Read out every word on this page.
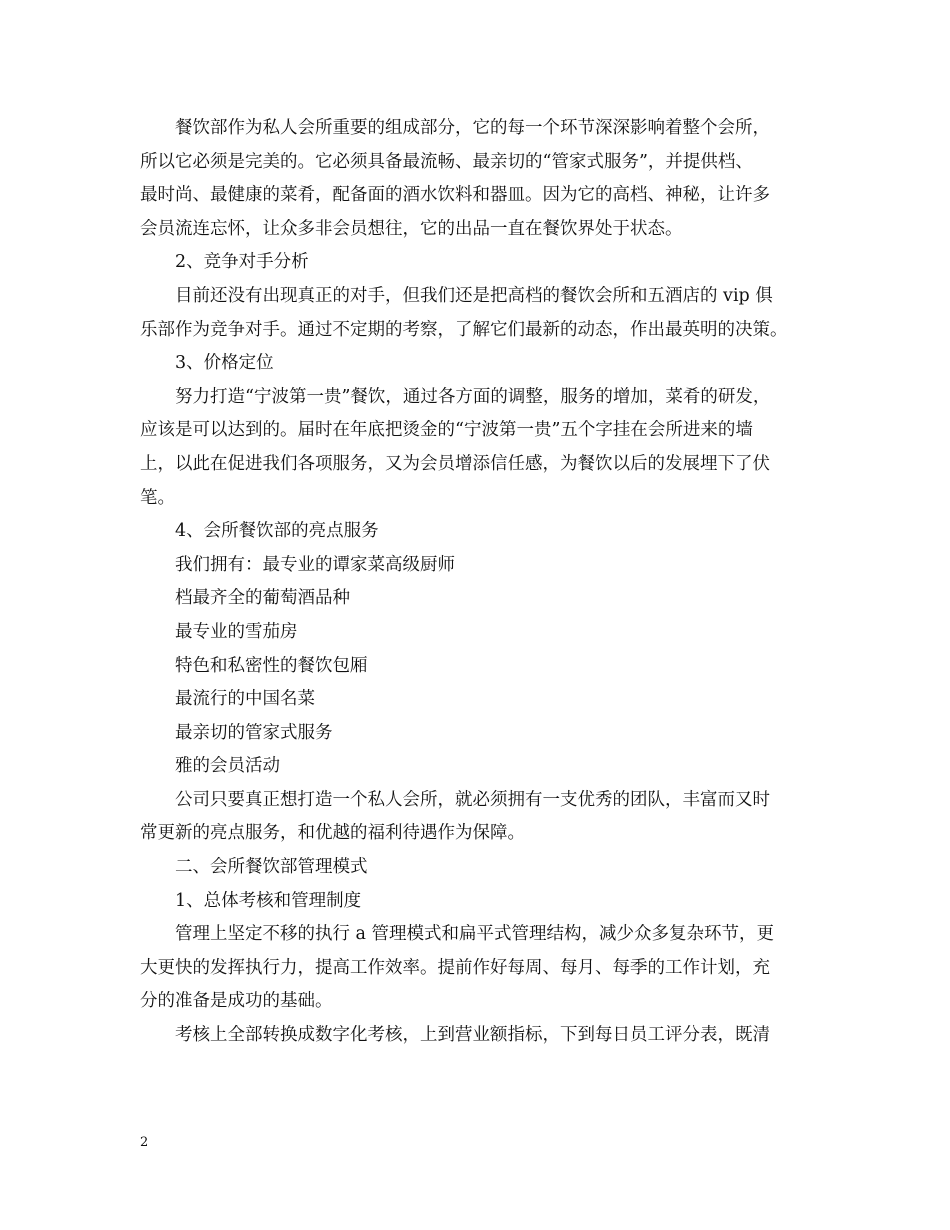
餐饮部作为私人会所重要的组成部分，它的每一个环节深深影响着整个会所，
所以它必须是完美的。它必须具备最流畅、最亲切的“管家式服务”，并提供档、
最时尚、最健康的菜肴，配备面的酒水饮料和器皿。因为它的高档、神秘，让许多
会员流连忘怀，让众多非会员想往，它的出品一直在餐饮界处于状态。
2、竞争对手分析
目前还没有出现真正的对手，但我们还是把高档的餐饮会所和五酒店的 vip 俱
乐部作为竞争对手。通过不定期的考察，了解它们最新的动态，作出最英明的决策。
3、价格定位
努力打造“宁波第一贵”餐饮，通过各方面的调整，服务的增加，菜肴的研发，
应该是可以达到的。届时在年底把烫金的“宁波第一贵”五个字挂在会所进来的墙
上，以此在促进我们各项服务，又为会员增添信任感，为餐饮以后的发展埋下了伏
笔。
4、会所餐饮部的亮点服务
我们拥有：最专业的谭家菜高级厨师
档最齐全的葡萄酒品种
最专业的雪茄房
特色和私密性的餐饮包厢
最流行的中国名菜
最亲切的管家式服务
雅的会员活动
公司只要真正想打造一个私人会所，就必须拥有一支优秀的团队，丰富而又时
常更新的亮点服务，和优越的福利待遇作为保障。
二、会所餐饮部管理模式
1、总体考核和管理制度
管理上坚定不移的执行 a 管理模式和扁平式管理结构，减少众多复杂环节，更
大更快的发挥执行力，提高工作效率。提前作好每周、每月、每季的工作计划，充
分的准备是成功的基础。
考核上全部转换成数字化考核，上到营业额指标，下到每日员工评分表，既清
2
